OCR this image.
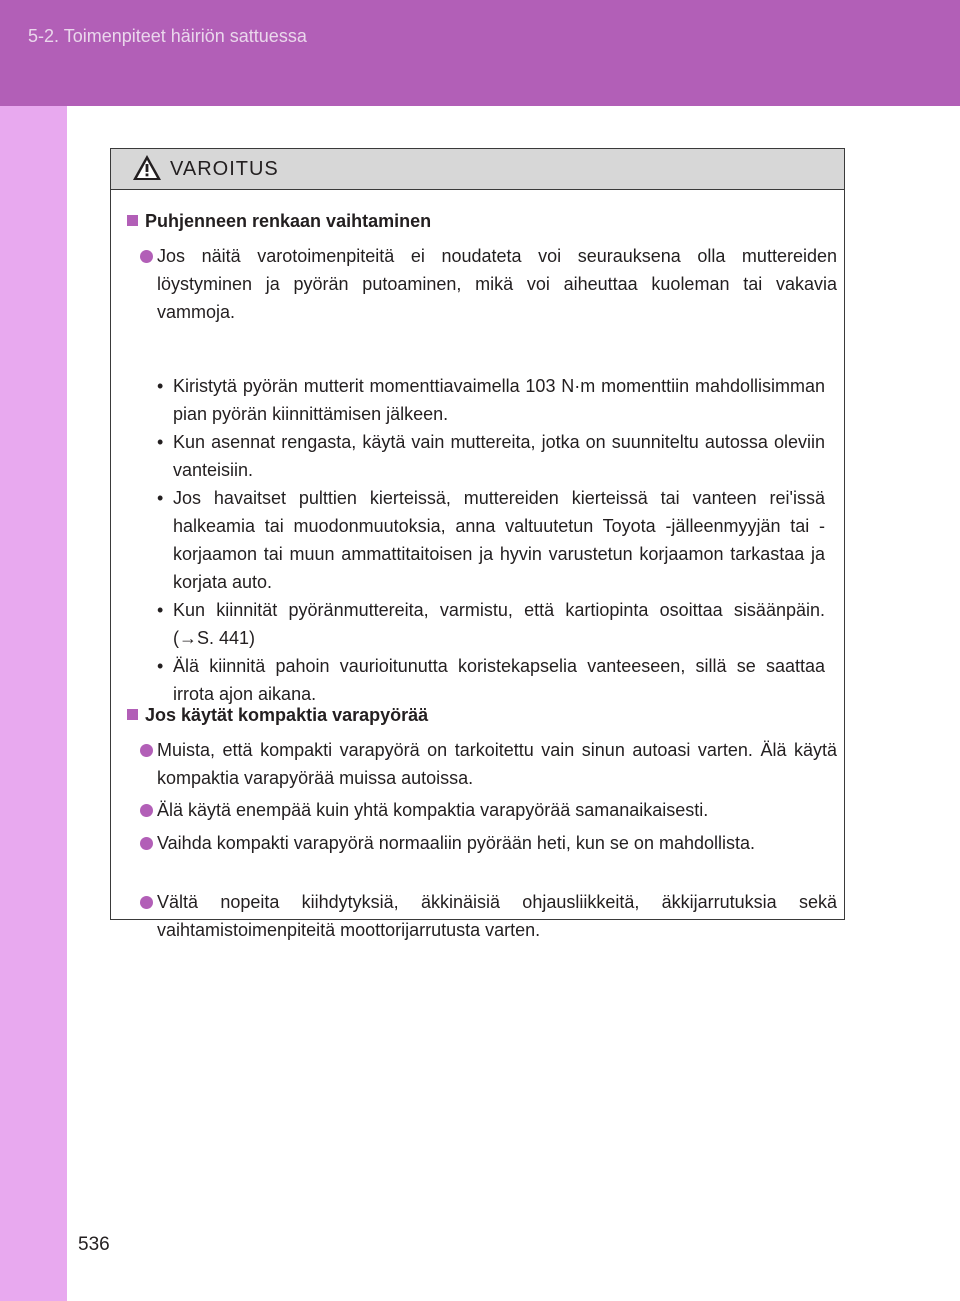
5-2. Toimenpiteet häiriön sattuessa
VAROITUS
Puhjenneen renkaan vaihtaminen
Jos näitä varotoimenpiteitä ei noudateta voi seurauksena olla muttereiden löystyminen ja pyörän putoaminen, mikä voi aiheuttaa kuoleman tai vakavia vammoja.
• Kiristytä pyörän mutterit momenttiavaimella 103 N·m momenttiin mahdollisimman pian pyörän kiinnittämisen jälkeen.
• Kun asennat rengasta, käytä vain muttereita, jotka on suunniteltu autossa oleviin vanteisiin.
• Jos havaitset pulttien kierteissä, muttereiden kierteissä tai vanteen rei'issä halkeamia tai muodonmuutoksia, anna valtuutetun Toyota -jälleenmyyjän tai -korjaamon tai muun ammattitaitoisen ja hyvin varustetun korjaamon tarkastaa ja korjata auto.
• Kun kiinnität pyöränmuttereita, varmistu, että kartiopinta osoittaa sisäänpäin. (→S. 441)
• Älä kiinnitä pahoin vaurioitunutta koristekapselia vanteeseen, sillä se saattaa irrota ajon aikana.
Jos käytät kompaktia varapyörää
Muista, että kompakti varapyörä on tarkoitettu vain sinun autoasi varten. Älä käytä kompaktia varapyörää muissa autoissa.
Älä käytä enempää kuin yhtä kompaktia varapyörää samanaikaisesti.
Vaihda kompakti varapyörä normaaliin pyörään heti, kun se on mahdollista.
Vältä nopeita kiihdytyksiä, äkkinäisiä ohjausliikkeitä, äkkijarrutuksia sekä vaihtamistoimenpiteitä moottorijarrutusta varten.
536
